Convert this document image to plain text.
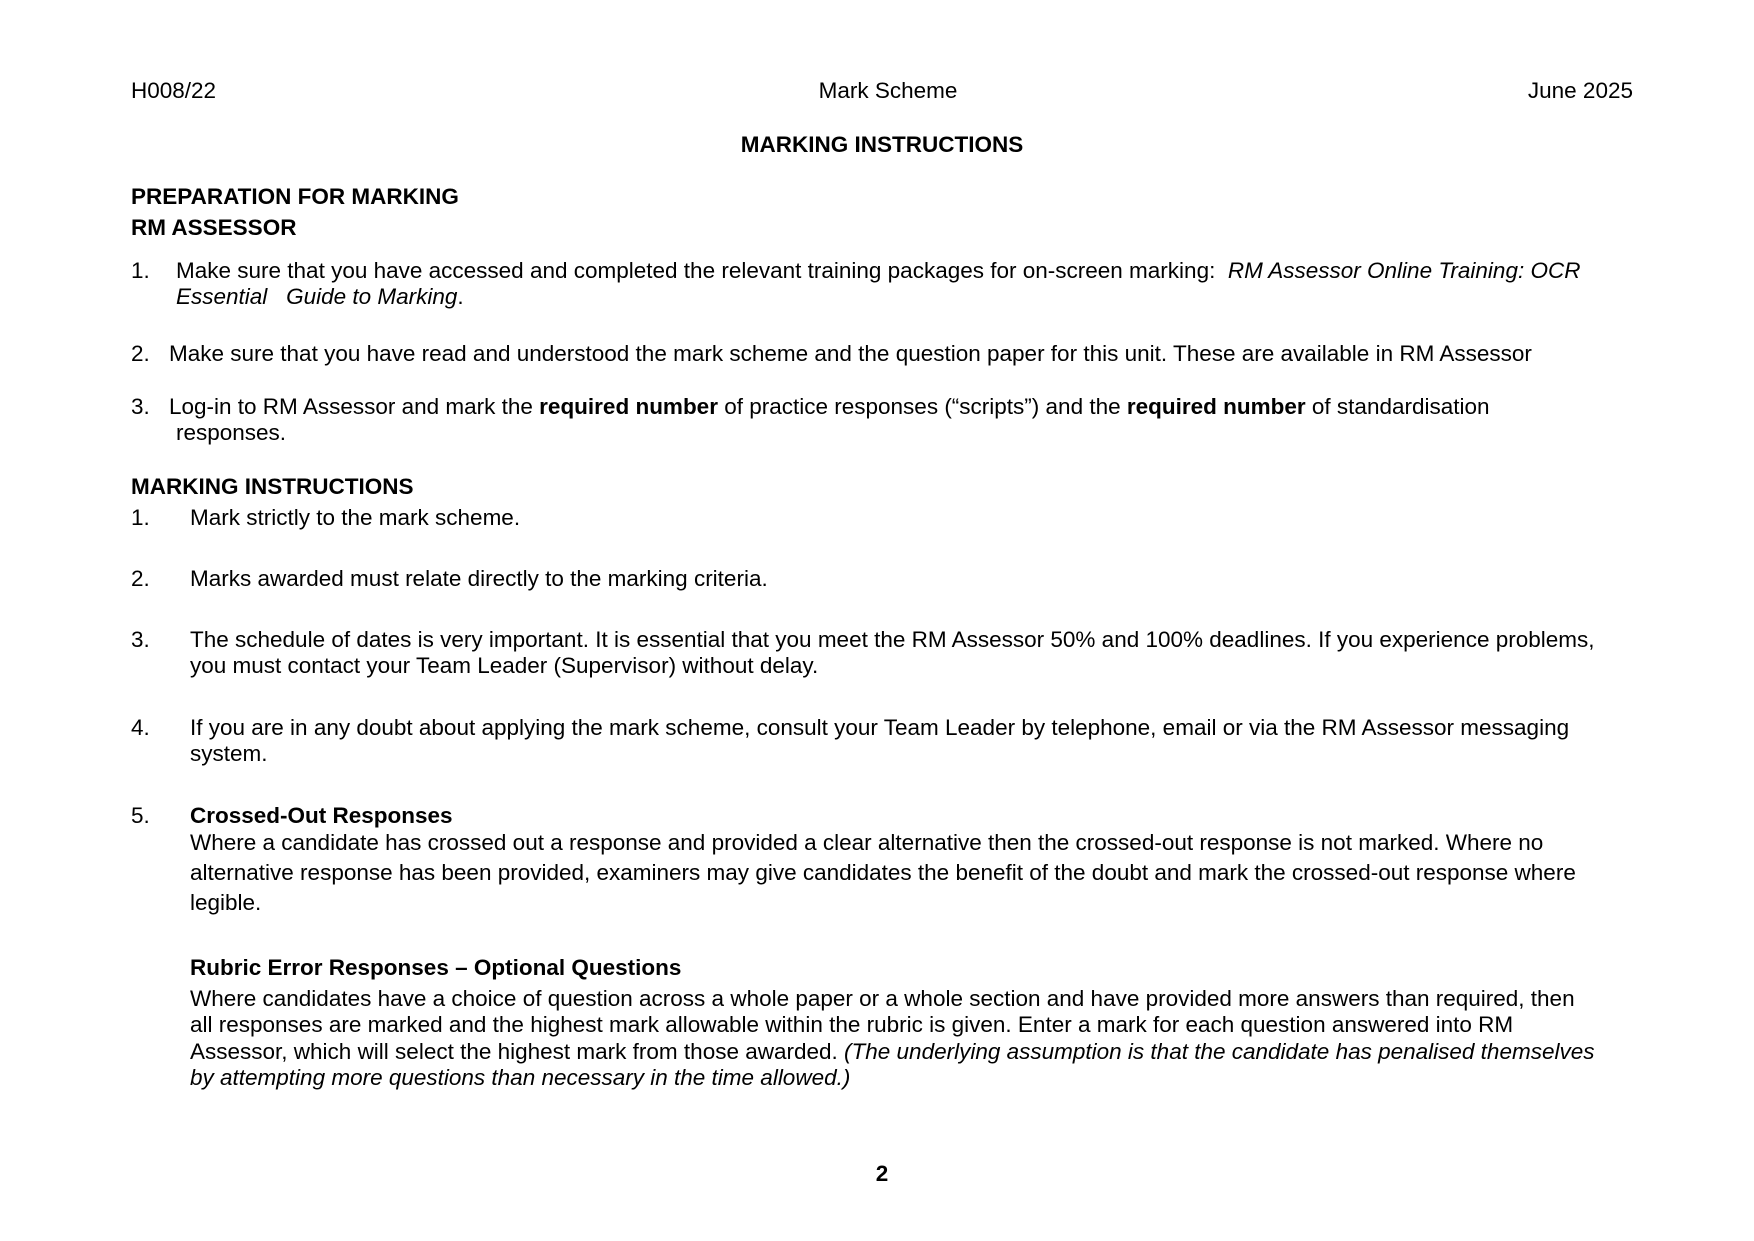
H008/22	Mark Scheme	June 2025
MARKING INSTRUCTIONS
PREPARATION FOR MARKING
RM ASSESSOR
1. Make sure that you have accessed and completed the relevant training packages for on-screen marking: RM Assessor Online Training: OCR
Essential Guide to Marking.
2. Make sure that you have read and understood the mark scheme and the question paper for this unit. These are available in RM Assessor
3. Log-in to RM Assessor and mark the required number of practice responses (“scripts”) and the required number of standardisation
responses.
MARKING INSTRUCTIONS
1. Mark strictly to the mark scheme.
2. Marks awarded must relate directly to the marking criteria.
3. The schedule of dates is very important. It is essential that you meet the RM Assessor 50% and 100% deadlines. If you experience problems,
you must contact your Team Leader (Supervisor) without delay.
4. If you are in any doubt about applying the mark scheme, consult your Team Leader by telephone, email or via the RM Assessor messaging
system.
5. Crossed-Out Responses
Where a candidate has crossed out a response and provided a clear alternative then the crossed-out response is not marked. Where no
alternative response has been provided, examiners may give candidates the benefit of the doubt and mark the crossed-out response where
legible.
Rubric Error Responses – Optional Questions
Where candidates have a choice of question across a whole paper or a whole section and have provided more answers than required, then
all responses are marked and the highest mark allowable within the rubric is given. Enter a mark for each question answered into RM
Assessor, which will select the highest mark from those awarded. (The underlying assumption is that the candidate has penalised themselves
by attempting more questions than necessary in the time allowed.)
2
